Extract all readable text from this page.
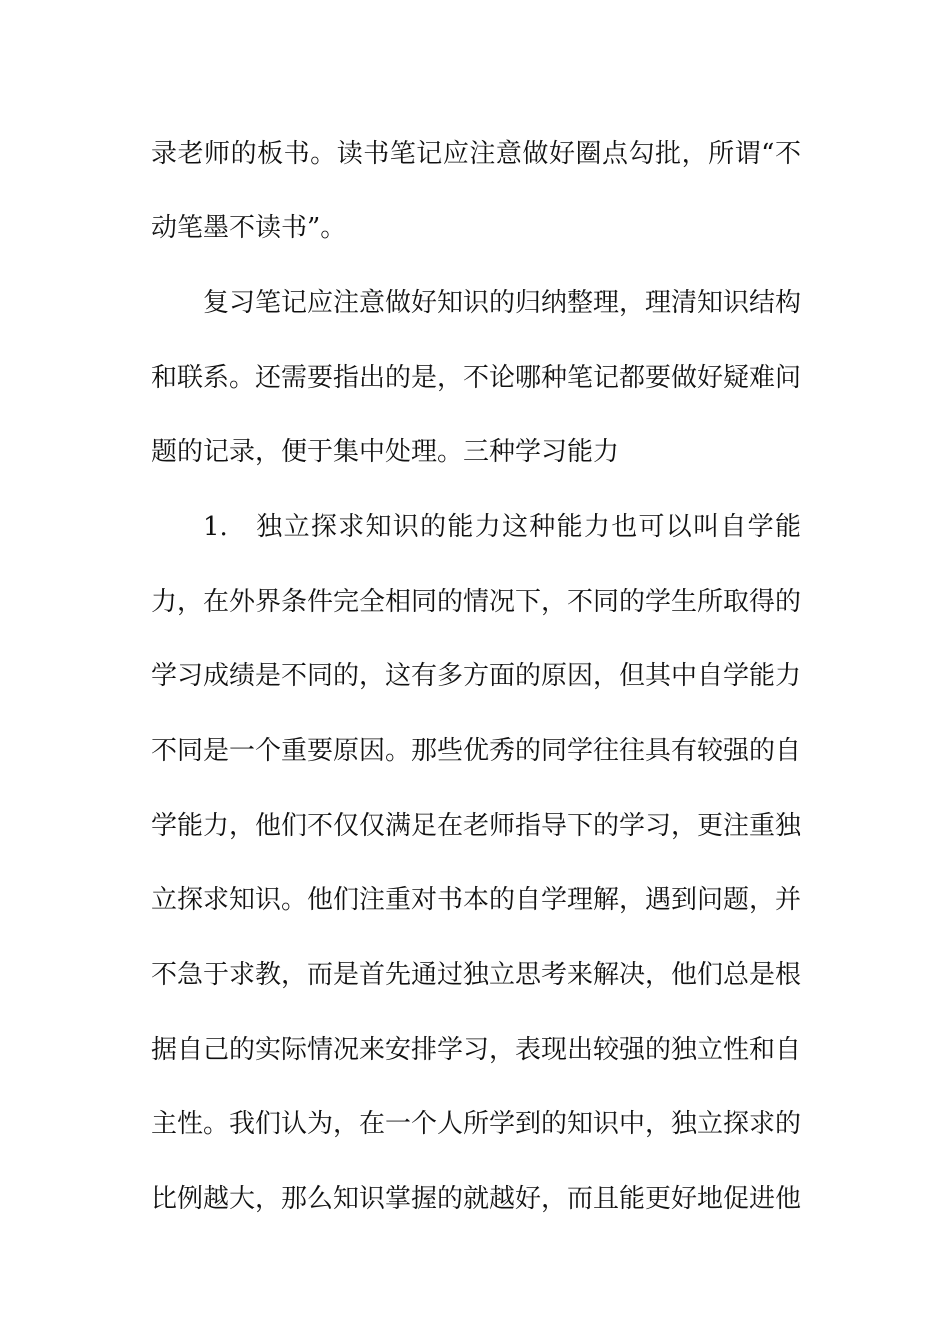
录老师的板书。读书笔记应注意做好圈点勾批，所谓“不
动笔墨不读书”。
复习笔记应注意做好知识的归纳整理，理清知识结构
和联系。还需要指出的是，不论哪种笔记都要做好疑难问
题的记录，便于集中处理。三种学习能力
1. 独立探求知识的能力这种能力也可以叫自学能
力，在外界条件完全相同的情况下，不同的学生所取得的
学习成绩是不同的，这有多方面的原因，但其中自学能力
不同是一个重要原因。那些优秀的同学往往具有较强的自
学能力，他们不仅仅满足在老师指导下的学习，更注重独
立探求知识。他们注重对书本的自学理解，遇到问题，并
不急于求教，而是首先通过独立思考来解决，他们总是根
据自己的实际情况来安排学习，表现出较强的独立性和自
主性。我们认为，在一个人所学到的知识中，独立探求的
比例越大，那么知识掌握的就越好，而且能更好地促进他
